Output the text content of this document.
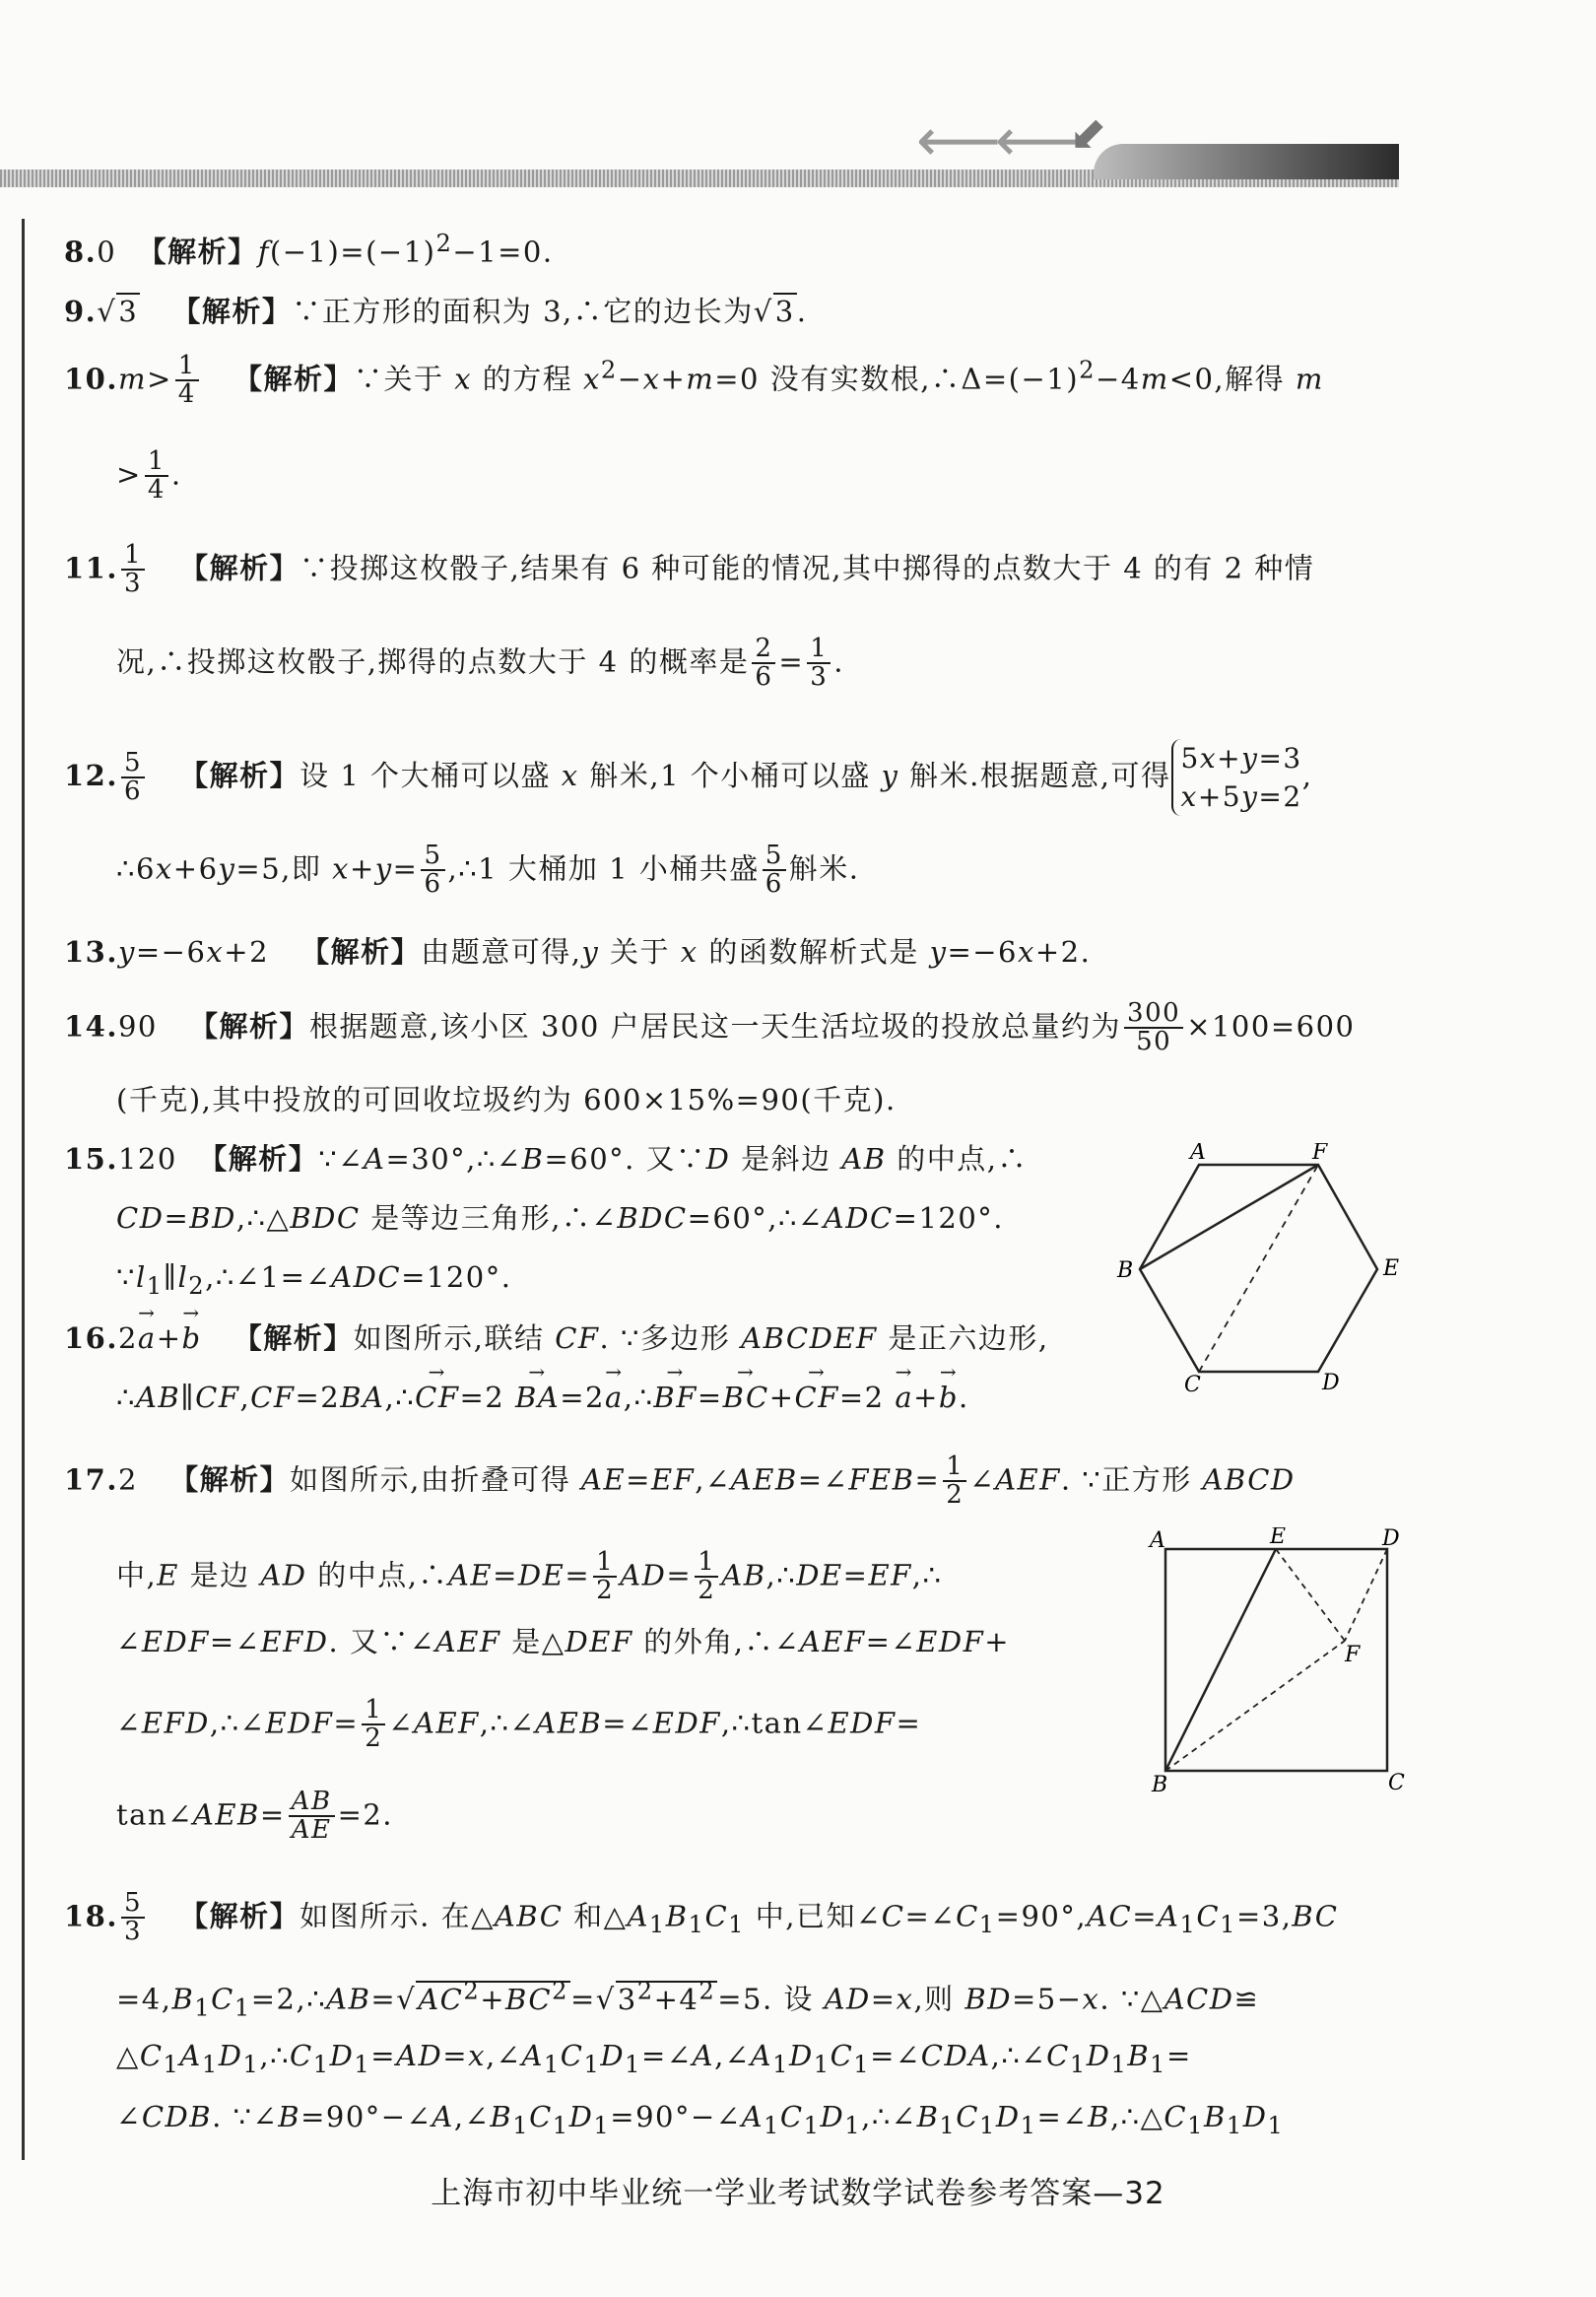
⟵⟵
⬋
8.0 【解析】$f(-1)=(-1)^2-1=0$.
9.√3 【解析】∵正方形的面积为 3,∴它的边长为√3.
$10.m> \frac{1}{4}$ 【解析】∵关于 x 的方程 $x^2-x+m=0$ 没有实数根$,\therefore\Delta=(-1)^2-4m<0$,解得 m
> $\frac{1}{4}$ .
11. $\frac{1}{3}$ 【解析】∵投掷这枚骰子,结果有 6 种可能的情况,其中掷得的点数大于 4 的有 2 种情
况,∴投掷这枚骰子,掷得的点数大于 4 的概率是 $\frac{2}{6} = \frac{1}{3}$ .
12. $\frac{5}{6}$ 【解析】设 1 个大桶可以盛 x 斛米,1 个小桶可以盛 y 斛米.根据题意,可得5x+y=3
x+5y=2,
∴6x+6y=5,即 $x+y= \frac{5}{6}$ ,∴1 大桶加 1 小桶共盛 $\frac{5}{6}$ 斛米.
13.y=−6x+2   【解析】由题意可得,y 关于 x 的函数解析式是 y=−6x+2.
14.90 【解析】根据题意,该小区 300 户居民这一天生活垃圾的投放总量约为 $\frac{300}{50} \times 100=600$
(千克),其中投放的可回收垃圾约为 600×15%=90(千克).
15.120 【解析】∵∠A=30°,∴∠B=60°. 又∵D 是斜边 AB 的中点,∴
CD=BD,∴△BDC 是等边三角形,∴∠BDC=60°,∴∠ADC=120°.
$\because l_1\parallel l_2,\therefore\angle 1=\angle ADC=120^\circ$.
16.2→ a+→ b 【解析】如图所示,联结 CF. ∵多边形 ABCDEF 是正六边形,
∴AB∥CF,CF=2BA,∴→ CF=2 → BA=2→ a,∴→ BF=→ BC+→ CF=2 → a+→ b.
A	F
B	E
C	D
17.2 【解析】如图所示,由折叠可得 AE=EF,∠AEB=∠FEB= $\frac{1}{2}$ ∠AEF. ∵正方形 ABCD
中,E 是边 AD 的中点,∴AE=DE= $\frac{1}{2} AD= \frac{1}{2}$ AB,∴DE=EF,∴
∠EDF=∠EFD. 又∵∠AEF 是△DEF 的外角,∴∠AEF=∠EDF+
∠EFD,∴∠EDF= $\frac{1}{2}$ ∠AEF,∴∠AEB=∠EDF,∴tan∠EDF=
tan∠AEB= $\frac{AB}{AE} =2$.
A	E	D
F
B	C
18. $\frac{5}{3}$ 【解析】如图所示. 在△ABC 和$\triangle A_1B_1C_1$ 中,已知$\angle C=\angle C_1=90^\circ,AC=A_1C_1=3,BC$
$=4,B_1C_1=2,\therefore AB=√AC^2+BC^2=√3^2+4^2=5$. 设 AD=x,则 BD=5−x. ∵△ACD≌
$\triangle C_1A_1D_1,\therefore C_1D_1=AD=x,\angle A_1C_1D_1=\angle A,\angle A_1D_1C_1=\angle CDA,\therefore\angle C_1D_1B_1=$
∠CDB. $\because\angle B=90^\circ-\angle A,\angle B_1C_1D_1=90^\circ-\angle A_1C_1D_1,\therefore\angle B_1C_1D_1=\angle B,\therefore\triangle C_1B_1D_1$
上海市初中毕业统一学业考试数学试卷参考答案—32
